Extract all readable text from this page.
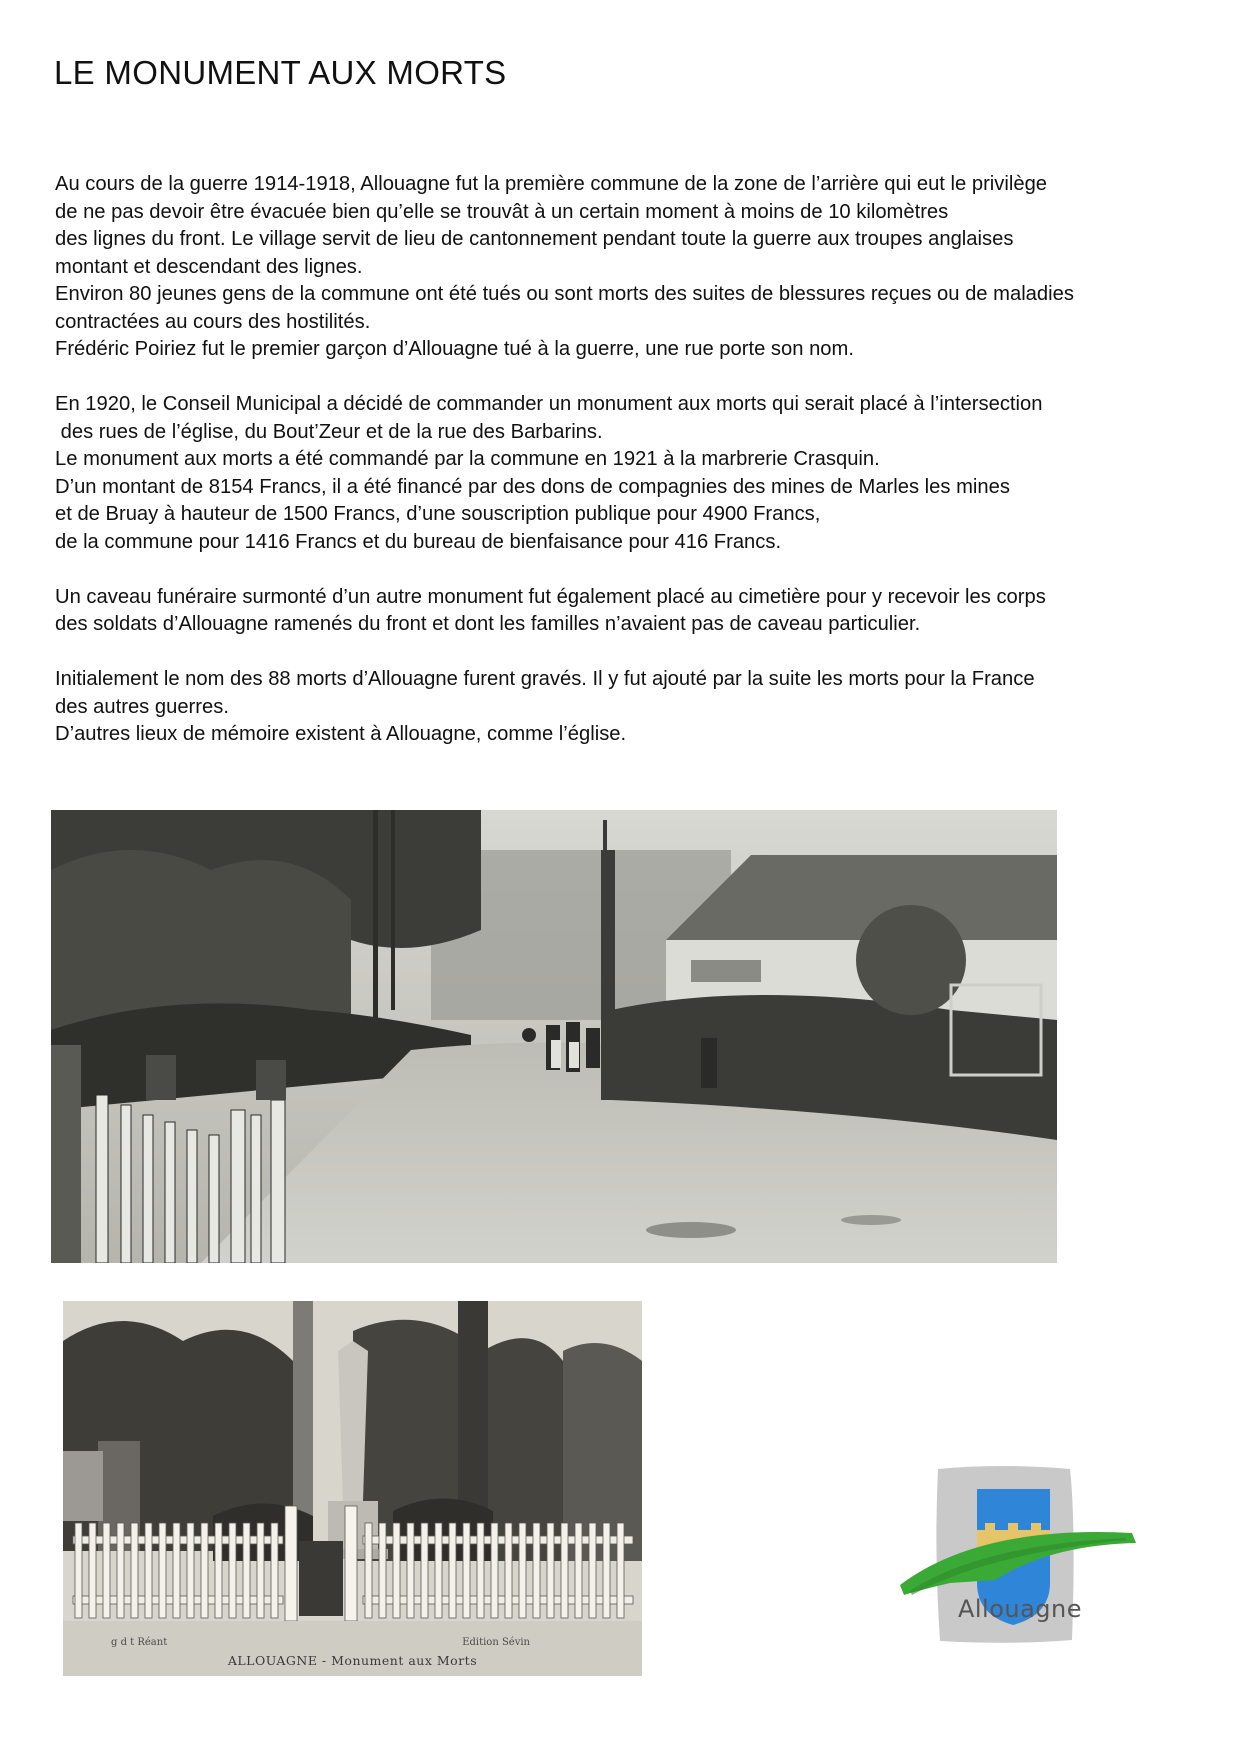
LE MONUMENT AUX MORTS

Au cours de la guerre 1914-1918, Allouagne fut la première commune de la zone de l’arrière qui eut le privilège
de ne pas devoir être évacuée bien qu’elle se trouvât à un certain moment à moins de 10 kilomètres
des lignes du front. Le village servit de lieu de cantonnement pendant toute la guerre aux troupes anglaises
montant et descendant des lignes.
Environ 80 jeunes gens de la commune ont été tués ou sont morts des suites de blessures reçues ou de maladies
contractées au cours des hostilités.
Frédéric Poiriez fut le premier garçon d’Allouagne tué à la guerre, une rue porte son nom.

En 1920, le Conseil Municipal a décidé de commander un monument aux morts qui serait placé à l’intersection
des rues de l’église, du Bout’Zeur et de la rue des Barbarins.
Le monument aux morts a été commandé par la commune en 1921 à la marbrerie Crasquin.
D’un montant de 8154 Francs, il a été financé par des dons de compagnies des mines de Marles les mines
et de Bruay à hauteur de 1500 Francs, d’une souscription publique pour 4900 Francs,
de la commune pour 1416 Francs et du bureau de bienfaisance pour 416 Francs.

Un caveau funéraire surmonté d’un autre monument fut également placé au cimetière pour y recevoir les corps
des soldats d’Allouagne ramenés du front et dont les familles n’avaient pas de caveau particulier.

Initialement le nom des 88 morts d’Allouagne furent gravés. Il y fut ajouté par la suite les morts pour la France
des autres guerres.
D’autres lieux de mémoire existent à Allouagne, comme l’église.

g d t Réant	Edition Sévin
ALLOUAGNE - Monument aux Morts
Allouagne
